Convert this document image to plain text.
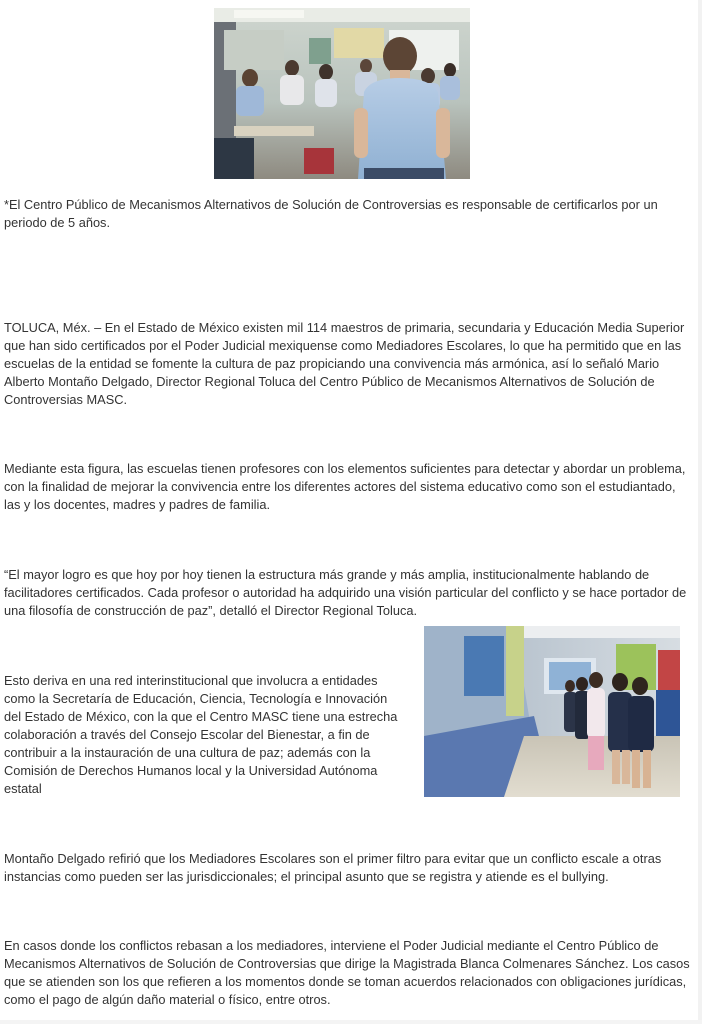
*El Centro Público de Mecanismos Alternativos de Solución de Controversias es responsable de certificarlos por un periodo de 5 años.

TOLUCA, Méx. – En el Estado de México existen mil 114 maestros de primaria, secundaria y Educación Media Superior que han sido certificados por el Poder Judicial mexiquense como Mediadores Escolares, lo que ha permitido que en las escuelas de la entidad se fomente la cultura de paz propiciando una convivencia más armónica, así lo señaló Mario Alberto Montaño Delgado, Director Regional Toluca del Centro Público de Mecanismos Alternativos de Solución de Controversias MASC.

Mediante esta figura, las escuelas tienen profesores con los elementos suficientes para detectar y abordar un problema, con la finalidad de mejorar la convivencia entre los diferentes actores del sistema educativo como son el estudiantado, las y los docentes, madres y padres de familia.

“El mayor logro es que hoy por hoy tienen la estructura más grande y más amplia, institucionalmente hablando de facilitadores certificados. Cada profesor o autoridad ha adquirido una visión particular del conflicto y se hace portador de una filosofía de construcción de paz”, detalló el Director Regional Toluca.

Esto deriva en una red interinstitucional que involucra a entidades como la Secretaría de Educación, Ciencia, Tecnología e Innovación del Estado de México, con la que el Centro MASC tiene una estrecha colaboración a través del Consejo Escolar del Bienestar, a fin de contribuir a la instauración de una cultura de paz; además con la Comisión de Derechos Humanos local y la Universidad Autónoma estatal

Montaño Delgado refirió que los Mediadores Escolares son el primer filtro para evitar que un conflicto escale a otras instancias como pueden ser las jurisdiccionales; el principal asunto que se registra y atiende es el bullying.

En casos donde los conflictos rebasan a los mediadores, interviene el Poder Judicial mediante el Centro Público de Mecanismos Alternativos de Solución de Controversias que dirige la Magistrada Blanca Colmenares Sánchez. Los casos que se atienden son los que refieren a los momentos donde se toman acuerdos relacionados con obligaciones jurídicas, como el pago de algún daño material o físico, entre otros.
